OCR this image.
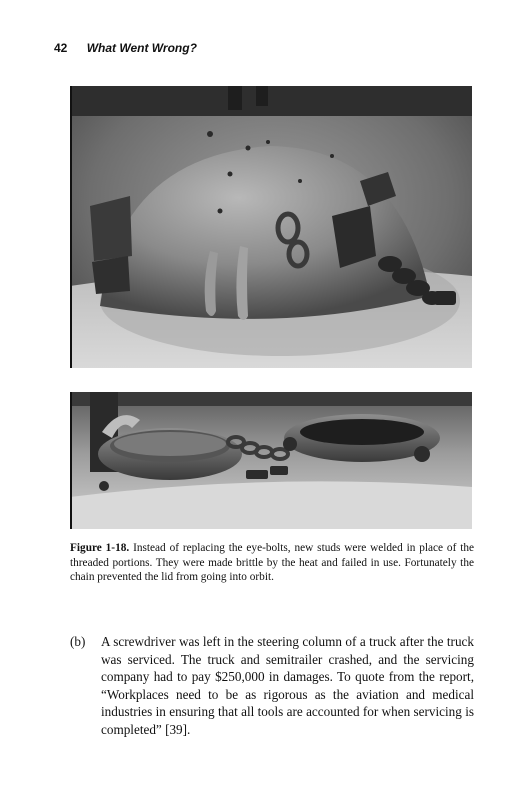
42 What Went Wrong?
Figure 1-18. Instead of replacing the eye-bolts, new studs were welded in place of the threaded portions. They were made brittle by the heat and failed in use. Fortunately the chain prevented the lid from going into orbit.
(b) A screwdriver was left in the steering column of a truck after the truck was serviced. The truck and semitrailer crashed, and the servicing company had to pay $250,000 in damages. To quote from the report, “Workplaces need to be as rigorous as the aviation and medical industries in ensuring that all tools are accounted for when servicing is completed” [39].
